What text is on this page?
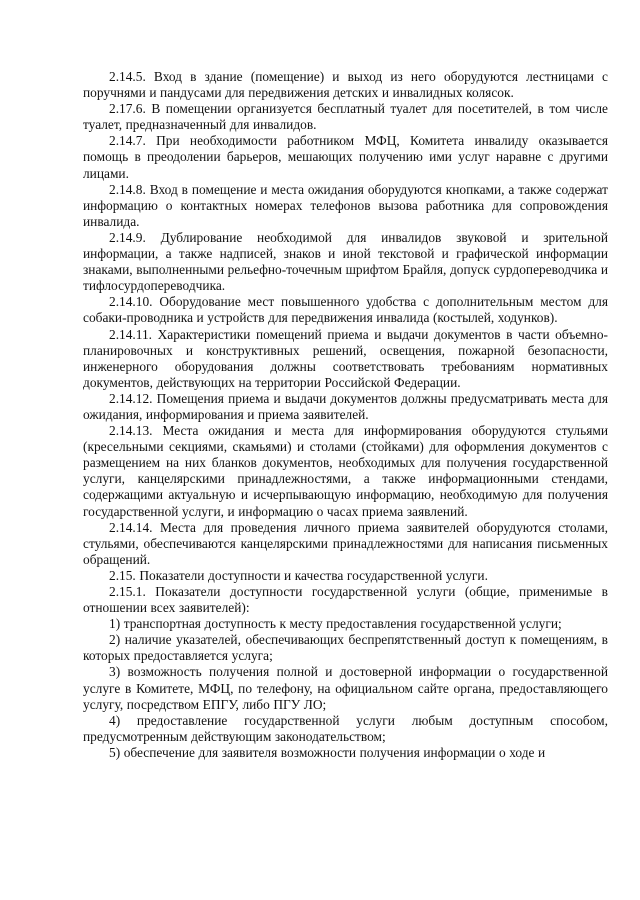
2.14.5. Вход в здание (помещение) и выход из него оборудуются лестницами с поручнями и пандусами для передвижения детских и инвалидных колясок.

2.17.6. В помещении организуется бесплатный туалет для посетителей, в том числе туалет, предназначенный для инвалидов.

2.14.7. При необходимости работником МФЦ, Комитета инвалиду оказывается помощь в преодолении барьеров, мешающих получению ими услуг наравне с другими лицами.

2.14.8. Вход в помещение и места ожидания оборудуются кнопками, а также содержат информацию о контактных номерах телефонов вызова работника для сопровождения инвалида.

2.14.9. Дублирование необходимой для инвалидов звуковой и зрительной информации, а также надписей, знаков и иной текстовой и графической информации знаками, выполненными рельефно-точечным шрифтом Брайля, допуск сурдопереводчика и тифлосурдопереводчика.

2.14.10. Оборудование мест повышенного удобства с дополнительным местом для собаки-проводника и устройств для передвижения инвалида (костылей, ходунков).

2.14.11. Характеристики помещений приема и выдачи документов в части объемно-планировочных и конструктивных решений, освещения, пожарной безопасности, инженерного оборудования должны соответствовать требованиям нормативных документов, действующих на территории Российской Федерации.

2.14.12. Помещения приема и выдачи документов должны предусматривать места для ожидания, информирования и приема заявителей.

2.14.13. Места ожидания и места для информирования оборудуются стульями (кресельными секциями, скамьями) и столами (стойками) для оформления документов с размещением на них бланков документов, необходимых для получения государственной услуги, канцелярскими принадлежностями, а также информационными стендами, содержащими актуальную и исчерпывающую информацию, необходимую для получения государственной услуги, и информацию о часах приема заявлений.

2.14.14. Места для проведения личного приема заявителей оборудуются столами, стульями, обеспечиваются канцелярскими принадлежностями для написания письменных обращений.

2.15. Показатели доступности и качества государственной услуги.

2.15.1. Показатели доступности государственной услуги (общие, применимые в отношении всех заявителей):

1) транспортная доступность к месту предоставления государственной услуги;

2) наличие указателей, обеспечивающих беспрепятственный доступ к помещениям, в которых предоставляется услуга;

3) возможность получения полной и достоверной информации о государственной услуге в Комитете, МФЦ, по телефону, на официальном сайте органа, предоставляющего услугу, посредством ЕПГУ, либо ПГУ ЛО;

4) предоставление государственной услуги любым доступным способом, предусмотренным действующим законодательством;

5) обеспечение для заявителя возможности получения информации о ходе и
